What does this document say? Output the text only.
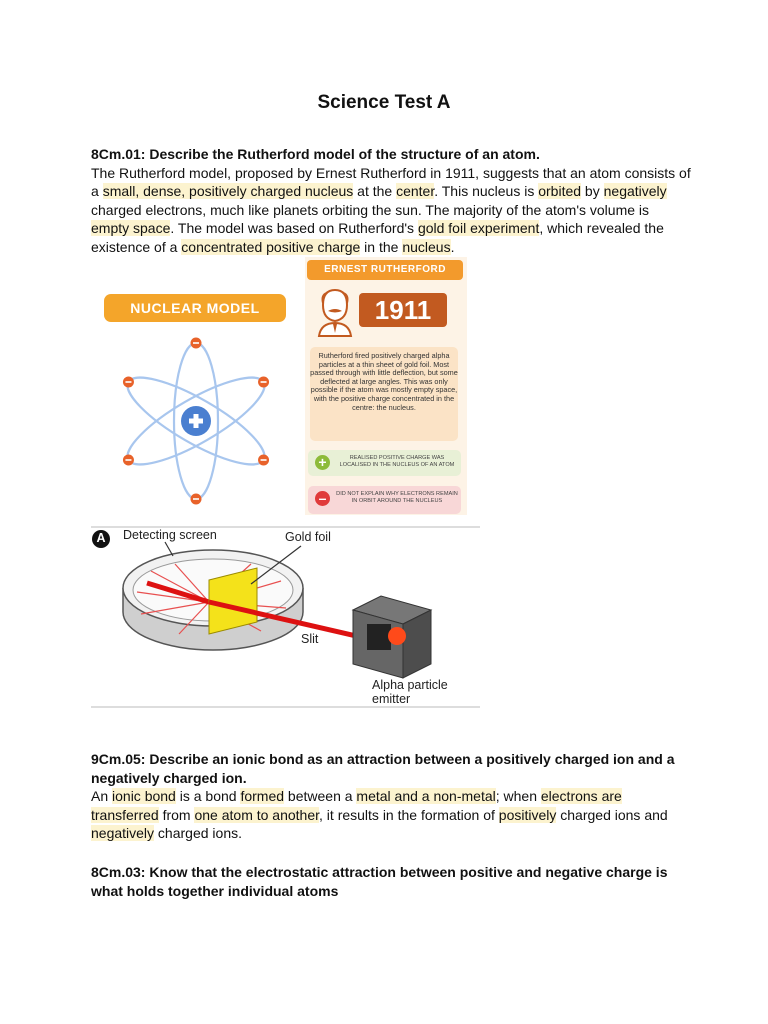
Science Test A
8Cm.01: Describe the Rutherford model of the structure of an atom.
The Rutherford model, proposed by Ernest Rutherford in 1911, suggests that an atom consists of a small, dense, positively charged nucleus at the center. This nucleus is orbited by negatively charged electrons, much like planets orbiting the sun. The majority of the atom's volume is empty space. The model was based on Rutherford's gold foil experiment, which revealed the existence of a concentrated positive charge in the nucleus.
NUCLEAR MODEL
ERNEST RUTHERFORD
1911
Rutherford fired positively charged alpha particles at a thin sheet of gold foil. Most passed through with little deflection, but some deflected at large angles. This was only possible if the atom was mostly empty space, with the positive charge concentrated in the centre: the nucleus.
+	REALISED POSITIVE CHARGE WAS LOCALISED IN THE NUCLEUS OF AN ATOM
–	DID NOT EXPLAIN WHY ELECTRONS REMAIN IN ORBIT AROUND THE NUCLEUS
A Detecting screen	Gold foil
Slit
Alpha particle emitter
9Cm.05: Describe an ionic bond as an attraction between a positively charged ion and a negatively charged ion.
An ionic bond is a bond formed between a metal and a non-metal; when electrons are transferred from one atom to another, it results in the formation of positively charged ions and negatively charged ions.
8Cm.03: Know that the electrostatic attraction between positive and negative charge is what holds together individual atoms
